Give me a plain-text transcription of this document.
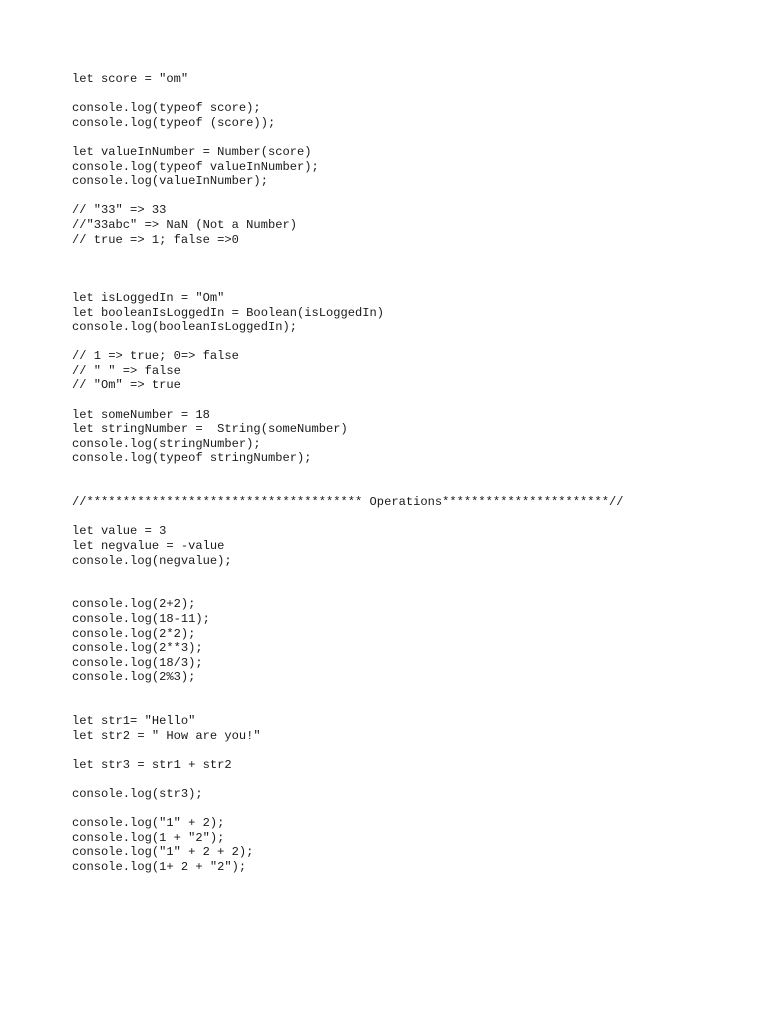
let score = "om"
console.log(typeof score);
console.log(typeof (score));
let valueInNumber = Number(score)
console.log(typeof valueInNumber);
console.log(valueInNumber);
// "33" => 33
//"33abc" => NaN (Not a Number)
// true => 1; false =>0
let isLoggedIn = "Om"
let booleanIsLoggedIn = Boolean(isLoggedIn)
console.log(booleanIsLoggedIn);
// 1 => true; 0=> false
// " " => false
// "Om" => true
let someNumber = 18
let stringNumber =  String(someNumber)
console.log(stringNumber);
console.log(typeof stringNumber);
//************************************** Operations***********************//
let value = 3
let negvalue = -value
console.log(negvalue);
console.log(2+2);
console.log(18-11);
console.log(2*2);
console.log(2**3);
console.log(18/3);
console.log(2%3);
let str1= "Hello"
let str2 = " How are you!"
let str3 = str1 + str2
console.log(str3);
console.log("1" + 2);
console.log(1 + "2");
console.log("1" + 2 + 2);
console.log(1+ 2 + "2");
